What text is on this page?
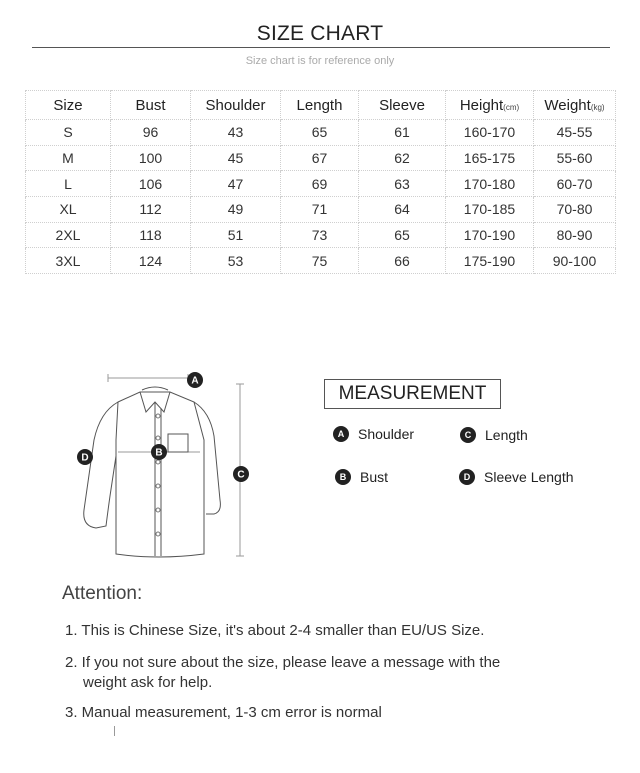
SIZE CHART
Size chart is for reference only
Size	Bust	Shoulder	Length	Sleeve	Height(cm)	Weight(kg)
S	96	43	65	61	160-170	45-55
M	100	45	67	62	165-175	55-60
L	106	47	69	63	170-180	60-70
XL	112	49	71	64	170-185	70-80
2XL	118	51	73	65	170-190	80-90
3XL	124	53	75	66	175-190	90-100
A
B
C
D
MEASUREMENT
A Shoulder	C Length
B Bust	D Sleeve Length
Attention:
1. This is Chinese Size, it's about 2-4 smaller than EU/US Size.
2. If you not sure about the size, please leave a message with the
weight ask for help.
3. Manual measurement, 1-3 cm error is normal
